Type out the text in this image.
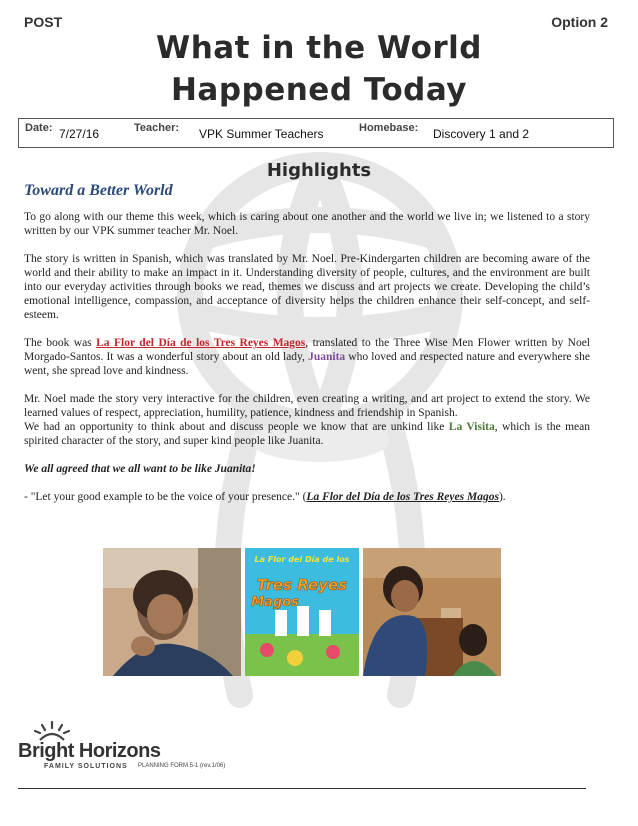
POST	Option 2
What in the World
Happened Today
Date: 7/27/16	Teacher: VPK Summer Teachers	Homebase: Discovery 1 and 2
Highlights
Toward a Better World

To go along with our theme this week, which is caring about one another and the world we live in; we listened to a story written by our VPK summer teacher Mr. Noel.

The story is written in Spanish, which was translated by Mr. Noel. Pre-Kindergarten children are becoming aware of the world and their ability to make an impact in it. Understanding diversity of people, cultures, and the environment are built into our everyday activities through books we read, themes we discuss and art projects we create. Developing the child’s emotional intelligence, compassion, and acceptance of diversity helps the children enhance their self-concept, and self-esteem.

The book was La Flor del Día de los Tres Reyes Magos, translated to the Three Wise Men Flower written by Noel Morgado-Santos. It was a wonderful story about an old lady, Juanita who loved and respected nature and everywhere she went, she spread love and kindness.

Mr. Noel made the story very interactive for the children, even creating a writing, and art project to extend the story. We learned values of respect, appreciation, humility, patience, kindness and friendship in Spanish.

We had an opportunity to think about and discuss people we know that are unkind like La Visita, which is the mean spirited character of the story, and super kind people like Juanita.

We all agreed that we all want to be like Juanita!

- "Let your good example to be the voice of your presence." (La Flor del Día de los Tres Reyes Magos).

La Flor del Día de los
Tres Reyes
Magos
Bright Horizons
FAMILY SOLUTIONS PLANNING FORM 5-1 (rev.1/06)
